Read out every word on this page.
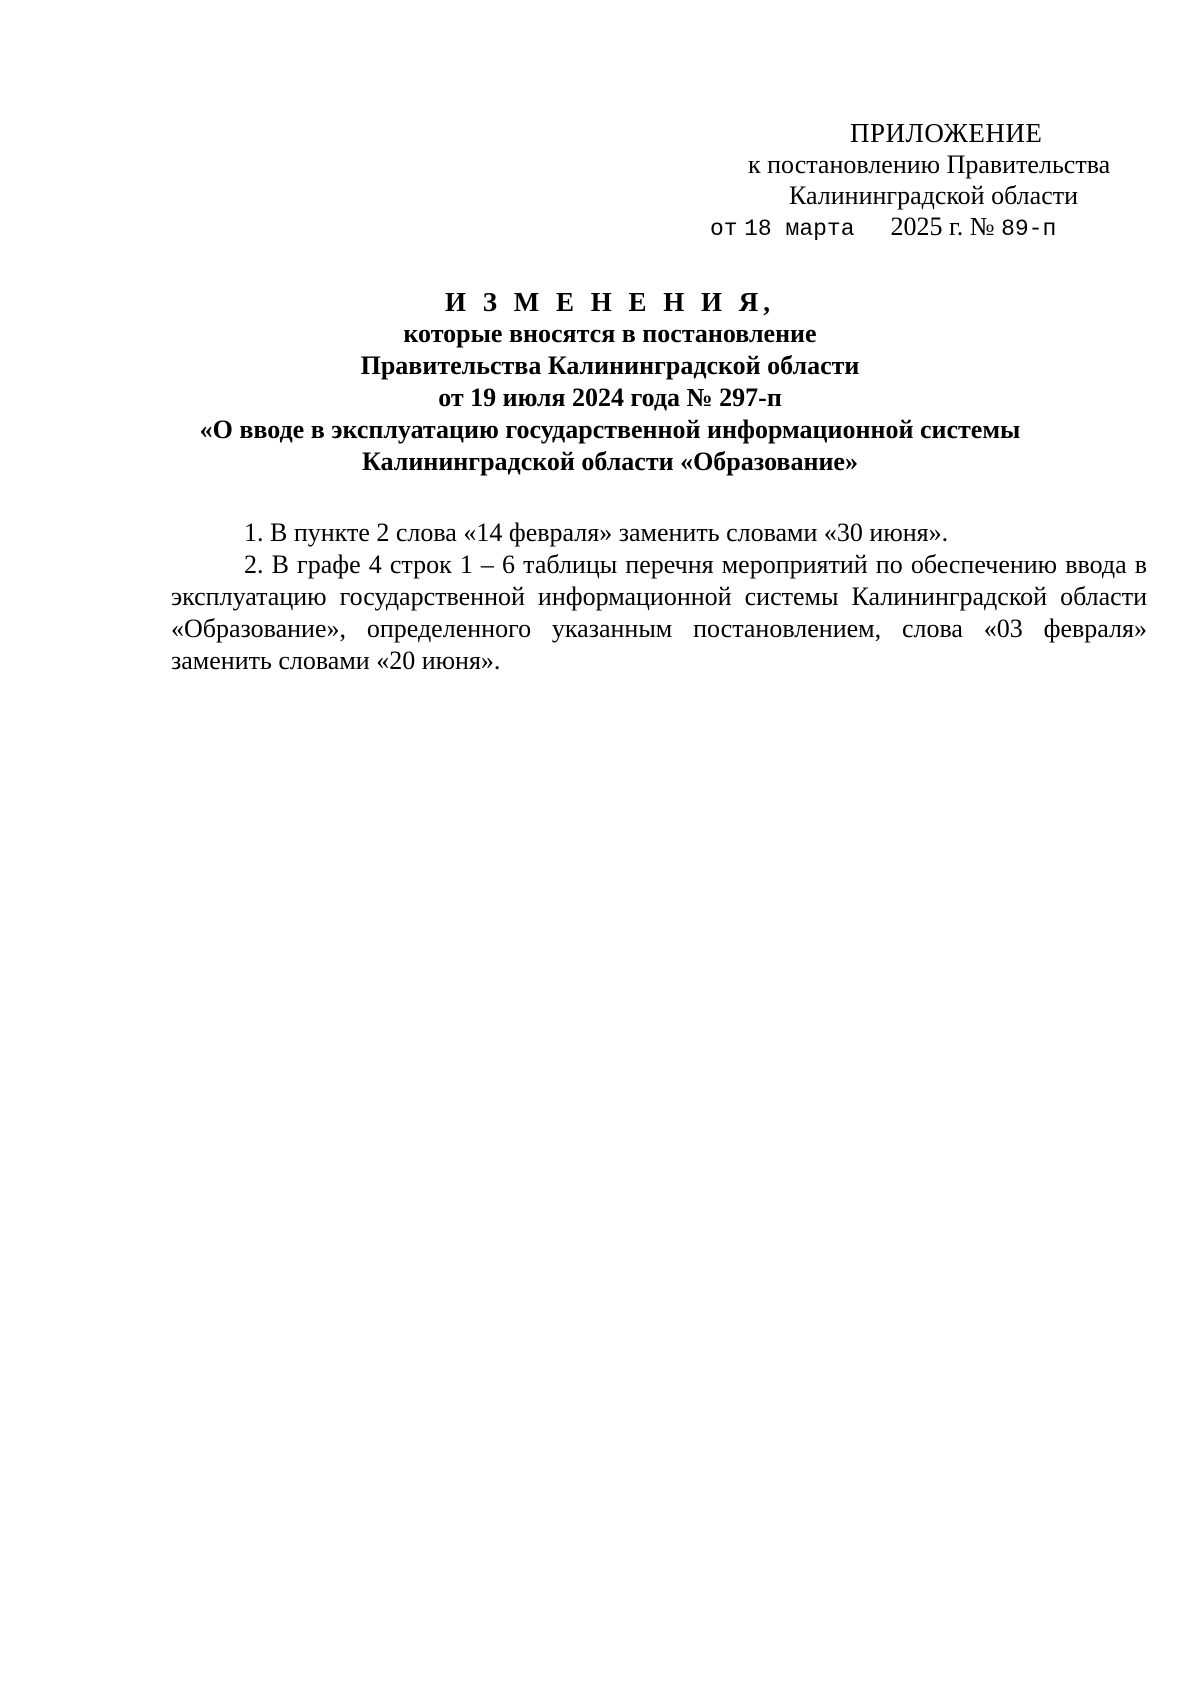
ПРИЛОЖЕНИЕ
к постановлению Правительства
Калининградской области
от 18 марта 2025 г. № 89-п
И З М Е Н Е Н И Я,
которые вносятся в постановление
Правительства Калининградской области
от 19 июля 2024 года № 297-п
«О вводе в эксплуатацию государственной информационной системы
Калининградской области «Образование»

1. В пункте 2 слова «14 февраля» заменить словами «30 июня».

2. В графе 4 строк 1 – 6 таблицы перечня мероприятий по обеспечению ввода в эксплуатацию государственной информационной системы Калининградской области «Образование», определенного указанным постановлением, слова «03 февраля» заменить словами «20 июня».
